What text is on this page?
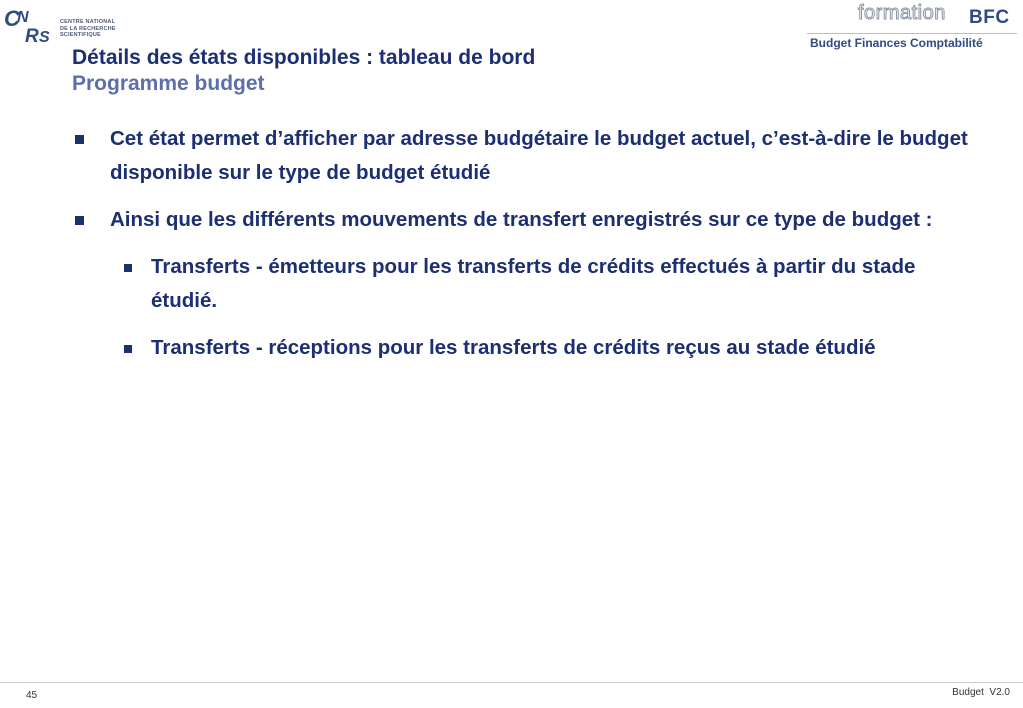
C
N
R S
CENTRE NATIONAL
DE LA RECHERCHE
SCIENTIFIQUE
formation BFC
Budget Finances Comptabilité
Détails des états disponibles : tableau de bord
Programme budget
Cet état permet d’afficher par adresse budgétaire le budget actuel, c’est-à-dire le budget disponible sur le type de budget étudié
Ainsi que les différents mouvements de transfert enregistrés sur ce type de budget :
Transferts - émetteurs pour les transferts de crédits effectués à partir du stade étudié.
Transferts - réceptions pour les transferts de crédits reçus au stade étudié
45	Budget  V2.0
